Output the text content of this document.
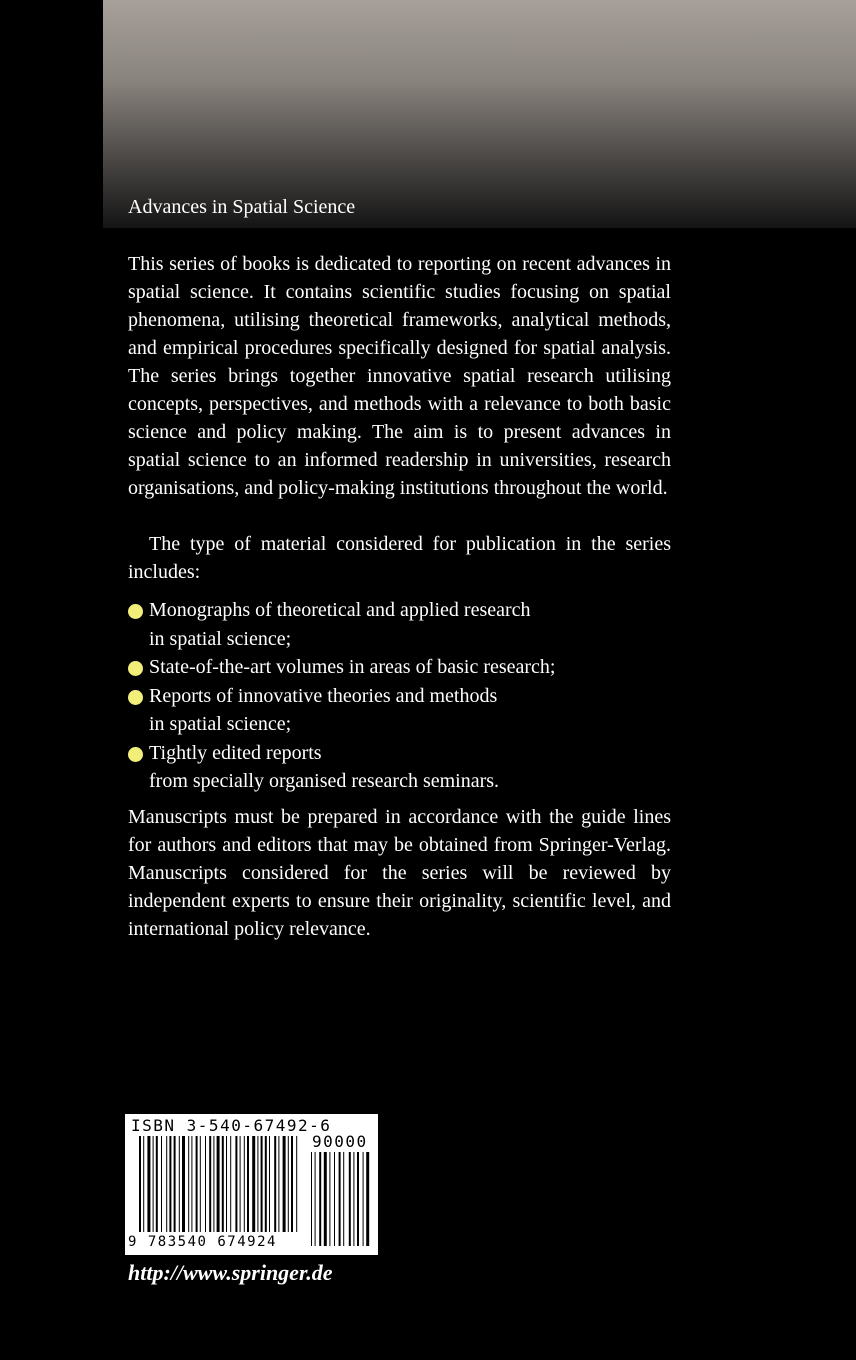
Advances in Spatial Science

This series of books is dedicated to reporting on recent advances in spatial science. It contains scientific studies focusing on spatial phenomena, utilising theoretical frameworks, analytical methods, and empirical procedures specifically designed for spatial analysis. The series brings together innovative spatial research utilising concepts, perspectives, and methods with a relevance to both basic science and policy making. The aim is to present advances in spatial science to an informed readership in universities, research organisations, and policy-making institutions throughout the world.

The type of material considered for publication in the series includes:

Monographs of theoretical and applied research
in spatial science;
State-of-the-art volumes in areas of basic research;
Reports of innovative theories and methods
in spatial science;
Tightly edited reports
from specially organised research seminars.

Manuscripts must be prepared in accordance with the guide lines for authors and editors that may be obtained from Springer-Verlag. Manuscripts considered for the series will be reviewed by independent experts to ensure their originality, scientific level, and international policy relevance.

ISBN 3-540-67492-6
90000
9 783540 674924
http://www.springer.de
